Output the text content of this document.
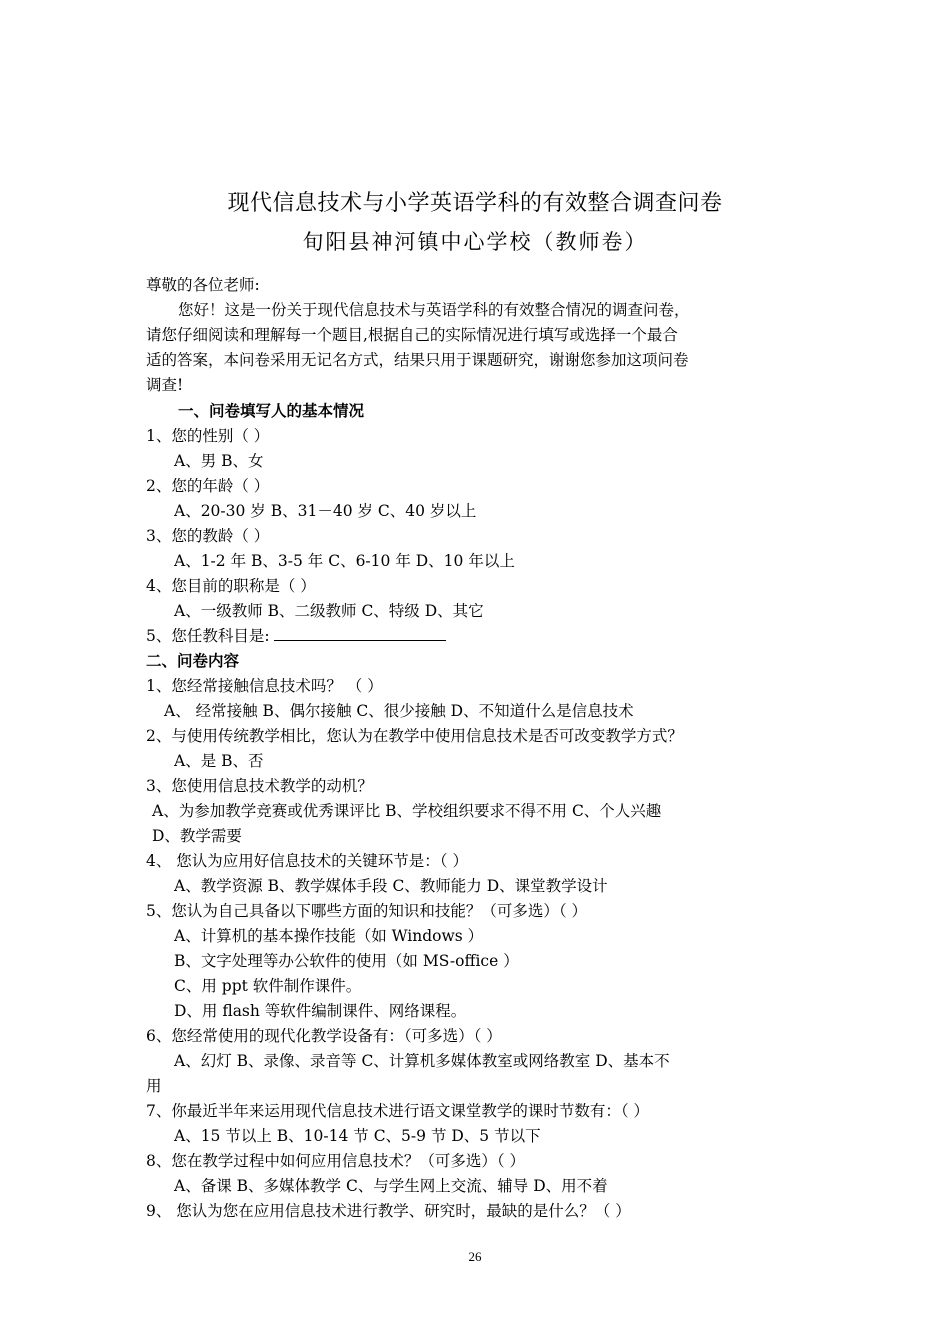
现代信息技术与小学英语学科的有效整合调查问卷
旬阳县神河镇中心学校（教师卷）
尊敬的各位老师:
您好！这是一份关于现代信息技术与英语学科的有效整合情况的调查问卷，
请您仔细阅读和理解每一个题目,根据自己的实际情况进行填写或选择一个最合
适的答案，本问卷采用无记名方式，结果只用于课题研究，谢谢您参加这项问卷
调查!
一、问卷填写人的基本情况
1、您的性别（ ）
A、男 B、女
2、您的年龄（ ）
A、20-30 岁 B、31－40 岁 C、40 岁以上
3、您的教龄（ ）
A、1-2 年 B、3-5 年 C、6-10 年 D、10 年以上
4、您目前的职称是（ ）
A、一级教师 B、二级教师 C、特级 D、其它
5、您任教科目是:
二、问卷内容
1、您经常接触信息技术吗？ （ ）
A、 经常接触 B、偶尔接触 C、很少接触 D、不知道什么是信息技术
2、与使用传统教学相比，您认为在教学中使用信息技术是否可改变教学方式？
A、是 B、否
3、您使用信息技术教学的动机？
A、为参加教学竞赛或优秀课评比 B、学校组织要求不得不用 C、个人兴趣
D、教学需要
4、 您认为应用好信息技术的关键环节是：（ ）
A、教学资源 B、教学媒体手段 C、教师能力 D、课堂教学设计
5、您认为自己具备以下哪些方面的知识和技能？（可多选）（ ）
A、计算机的基本操作技能（如 Windows ）
B、文字处理等办公软件的使用（如 MS-office ）
C、用 ppt 软件制作课件。
D、用 flash 等软件编制课件、网络课程。
6、您经常使用的现代化教学设备有：（可多选）（ ）
A、幻灯 B、录像、录音等 C、计算机多媒体教室或网络教室 D、基本不
用
7、你最近半年来运用现代信息技术进行语文课堂教学的课时节数有：（ ）
A、15 节以上 B、10-14 节 C、5-9 节 D、5 节以下
8、您在教学过程中如何应用信息技术？（可多选）（ ）
A、备课 B、多媒体教学 C、与学生网上交流、辅导 D、用不着
9、 您认为您在应用信息技术进行教学、研究时，最缺的是什么？（ ）
26
